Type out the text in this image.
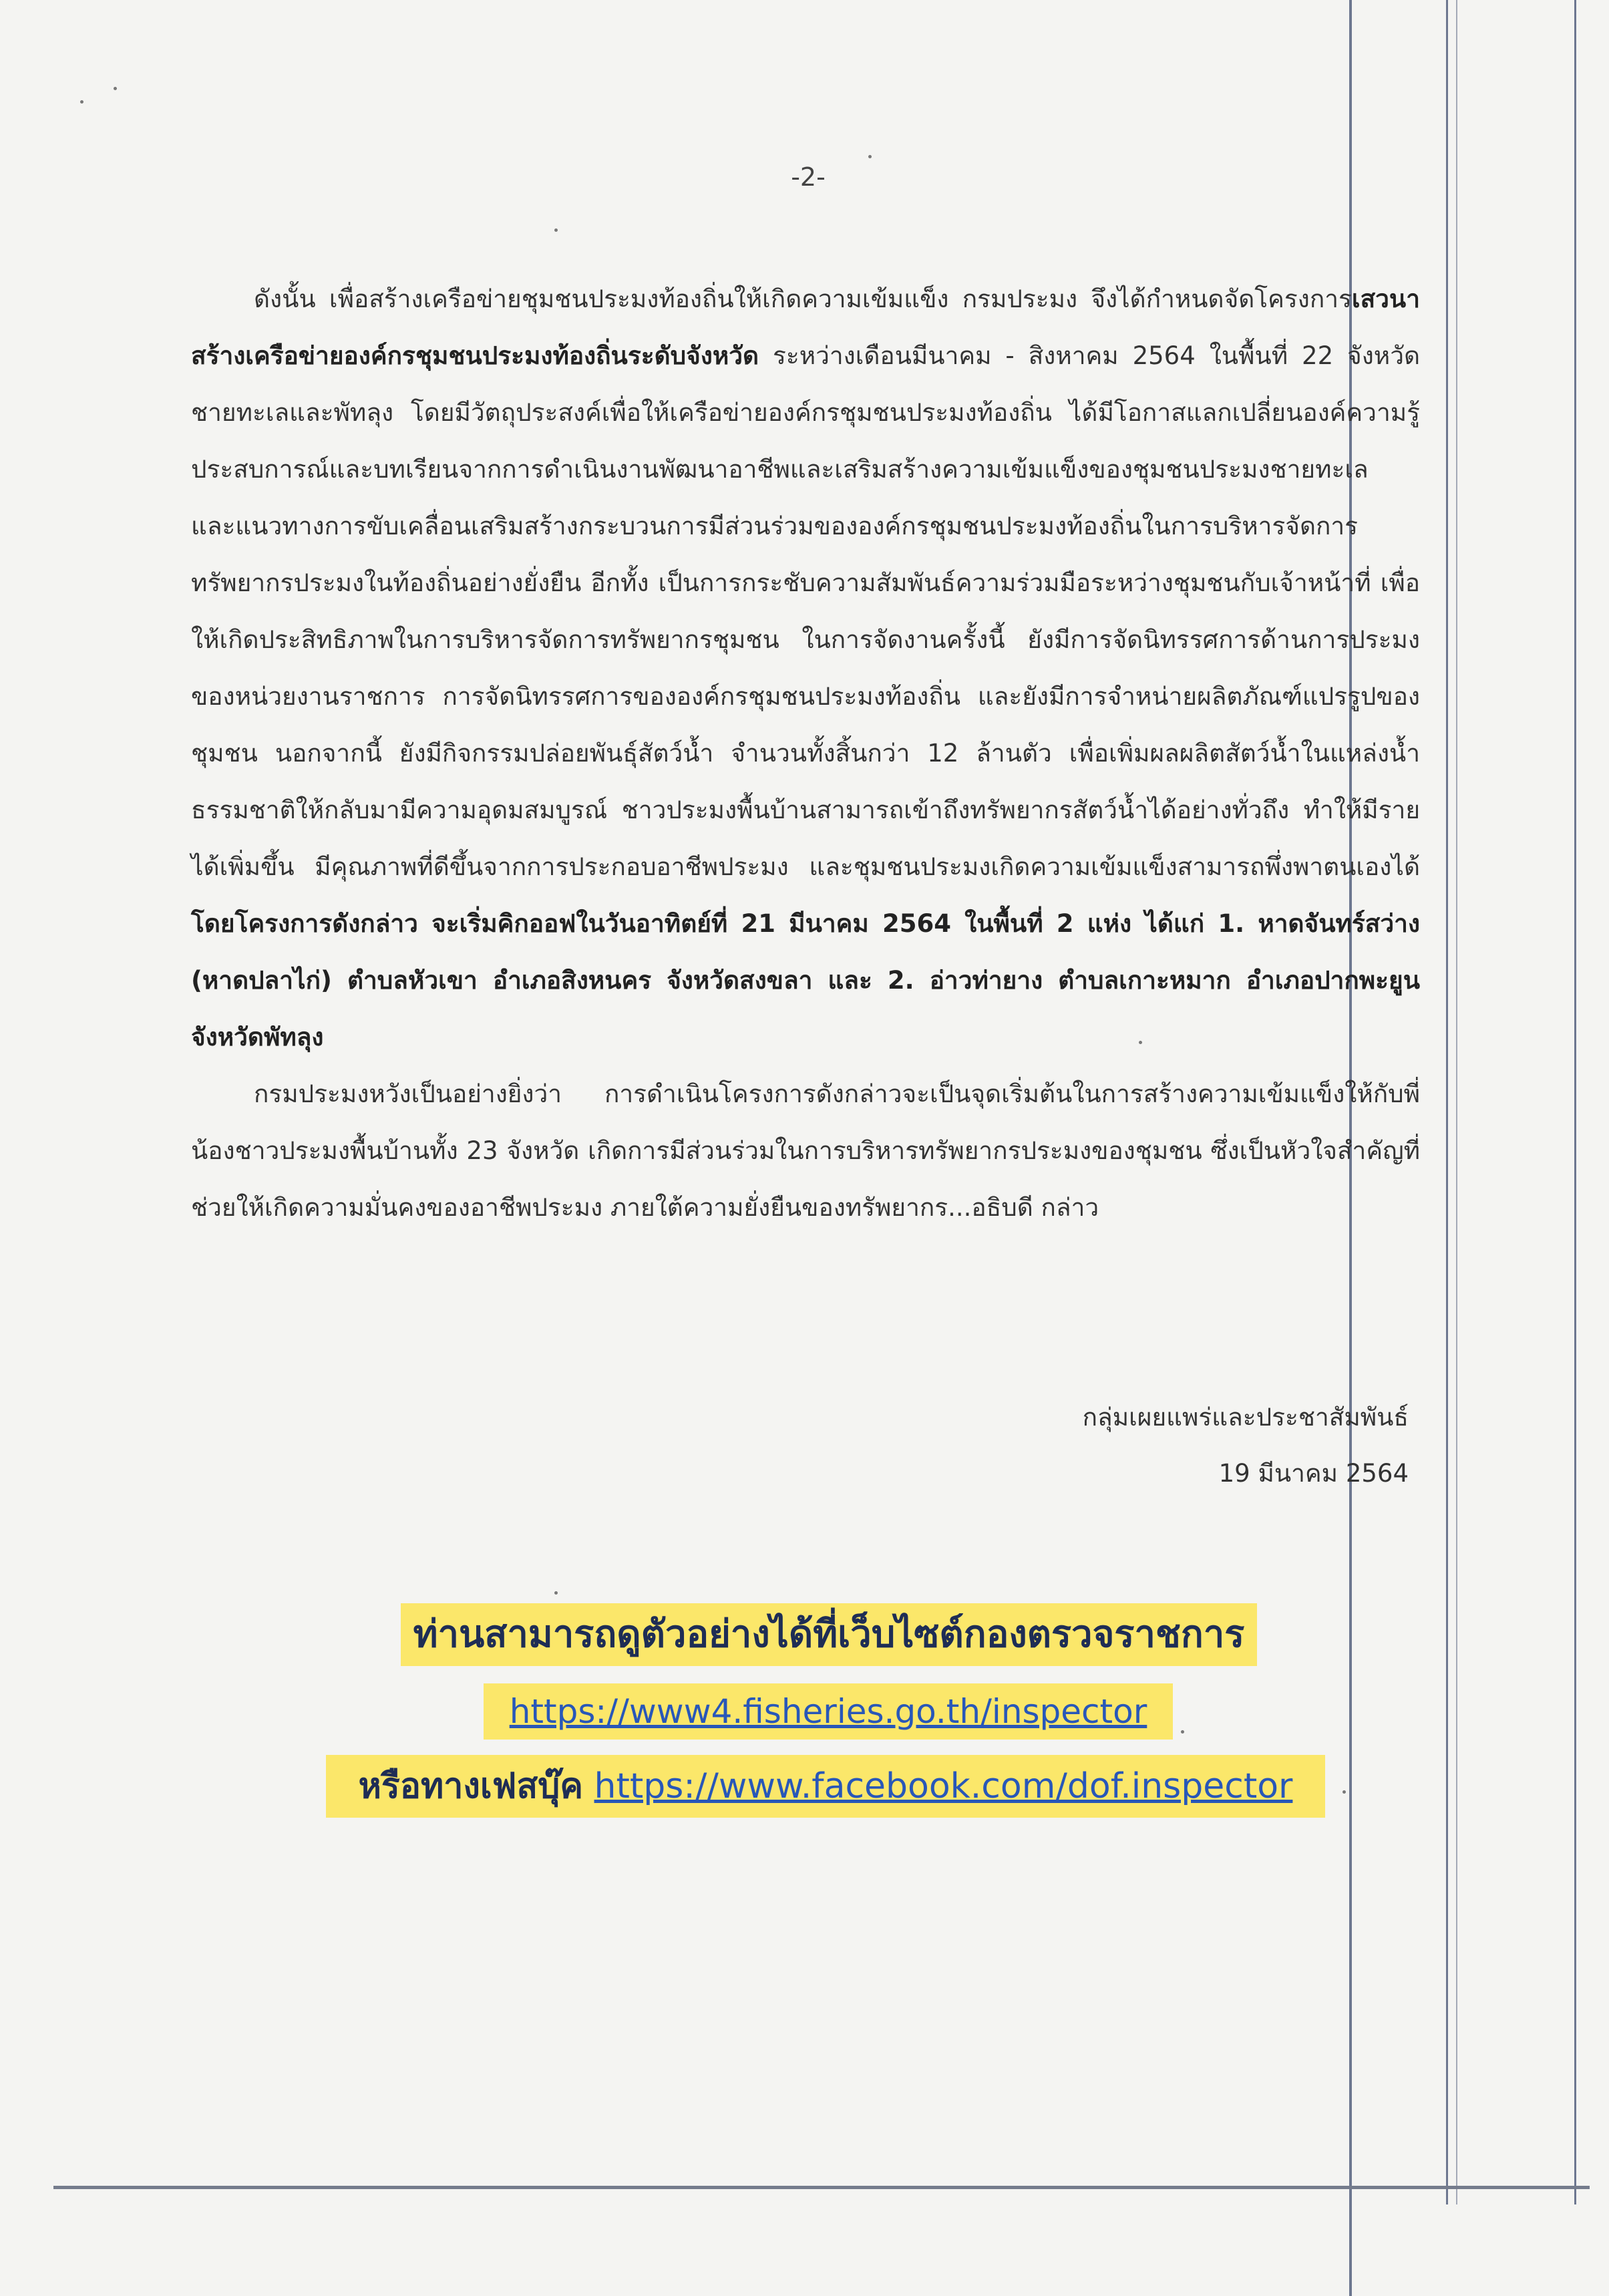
-2-

ดังนั้น เพื่อสร้างเครือข่ายชุมชนประมงท้องถิ่นให้เกิดความเข้มแข็ง กรมประมง จึงได้กำหนดจัดโครงการเสวนาสร้างเครือข่ายองค์กรชุมชนประมงท้องถิ่นระดับจังหวัด ระหว่างเดือนมีนาคม - สิงหาคม 2564 ในพื้นที่ 22 จังหวัดชายทะเลและพัทลุง โดยมีวัตถุประสงค์เพื่อให้เครือข่ายองค์กรชุมชนประมงท้องถิ่น ได้มีโอกาสแลกเปลี่ยนองค์ความรู้ ประสบการณ์และบทเรียนจากการดำเนินงานพัฒนาอาชีพและเสริมสร้างความเข้มแข็งของชุมชนประมงชายทะเล และแนวทางการขับเคลื่อนเสริมสร้างกระบวนการมีส่วนร่วมขององค์กรชุมชนประมงท้องถิ่นในการบริหารจัดการทรัพยากรประมงในท้องถิ่นอย่างยั่งยืน อีกทั้ง เป็นการกระชับความสัมพันธ์ความร่วมมือระหว่างชุมชนกับเจ้าหน้าที่ เพื่อให้เกิดประสิทธิภาพในการบริหารจัดการทรัพยากรชุมชน ในการจัดงานครั้งนี้ ยังมีการจัดนิทรรศการด้านการประมงของหน่วยงานราชการ การจัดนิทรรศการขององค์กรชุมชนประมงท้องถิ่น และยังมีการจำหน่ายผลิตภัณฑ์แปรรูปของชุมชน นอกจากนี้ ยังมีกิจกรรมปล่อยพันธุ์สัตว์น้ำ จำนวนทั้งสิ้นกว่า 12 ล้านตัว เพื่อเพิ่มผลผลิตสัตว์น้ำในแหล่งน้ำธรรมชาติให้กลับมามีความอุดมสมบูรณ์ ชาวประมงพื้นบ้านสามารถเข้าถึงทรัพยากรสัตว์น้ำได้อย่างทั่วถึง ทำให้มีรายได้เพิ่มขึ้น มีคุณภาพที่ดีขึ้นจากการประกอบอาชีพประมง และชุมชนประมงเกิดความเข้มแข็งสามารถพึ่งพาตนเองได้ โดยโครงการดังกล่าว จะเริ่มคิกออฟในวันอาทิตย์ที่ 21 มีนาคม 2564 ในพื้นที่ 2 แห่ง ได้แก่ 1. หาดจันทร์สว่าง (หาดปลาไก่) ตำบลหัวเขา อำเภอสิงหนคร จังหวัดสงขลา และ 2. อ่าวท่ายาง ตำบลเกาะหมาก อำเภอปากพะยูน จังหวัดพัทลุง

กรมประมงหวังเป็นอย่างยิ่งว่า การดำเนินโครงการดังกล่าวจะเป็นจุดเริ่มต้นในการสร้างความเข้มแข็งให้กับพี่น้องชาวประมงพื้นบ้านทั้ง 23 จังหวัด เกิดการมีส่วนร่วมในการบริหารทรัพยากรประมงของชุมชน ซึ่งเป็นหัวใจสำคัญที่ช่วยให้เกิดความมั่นคงของอาชีพประมง ภายใต้ความยั่งยืนของทรัพยากร...อธิบดี กล่าว

กลุ่มเผยแพร่และประชาสัมพันธ์
19 มีนาคม 2564
ท่านสามารถดูตัวอย่างได้ที่เว็บไซต์กองตรวจราชการ
https://www4.fisheries.go.th/inspector
หรือทางเฟสบุ๊ค https://www.facebook.com/dof.inspector
